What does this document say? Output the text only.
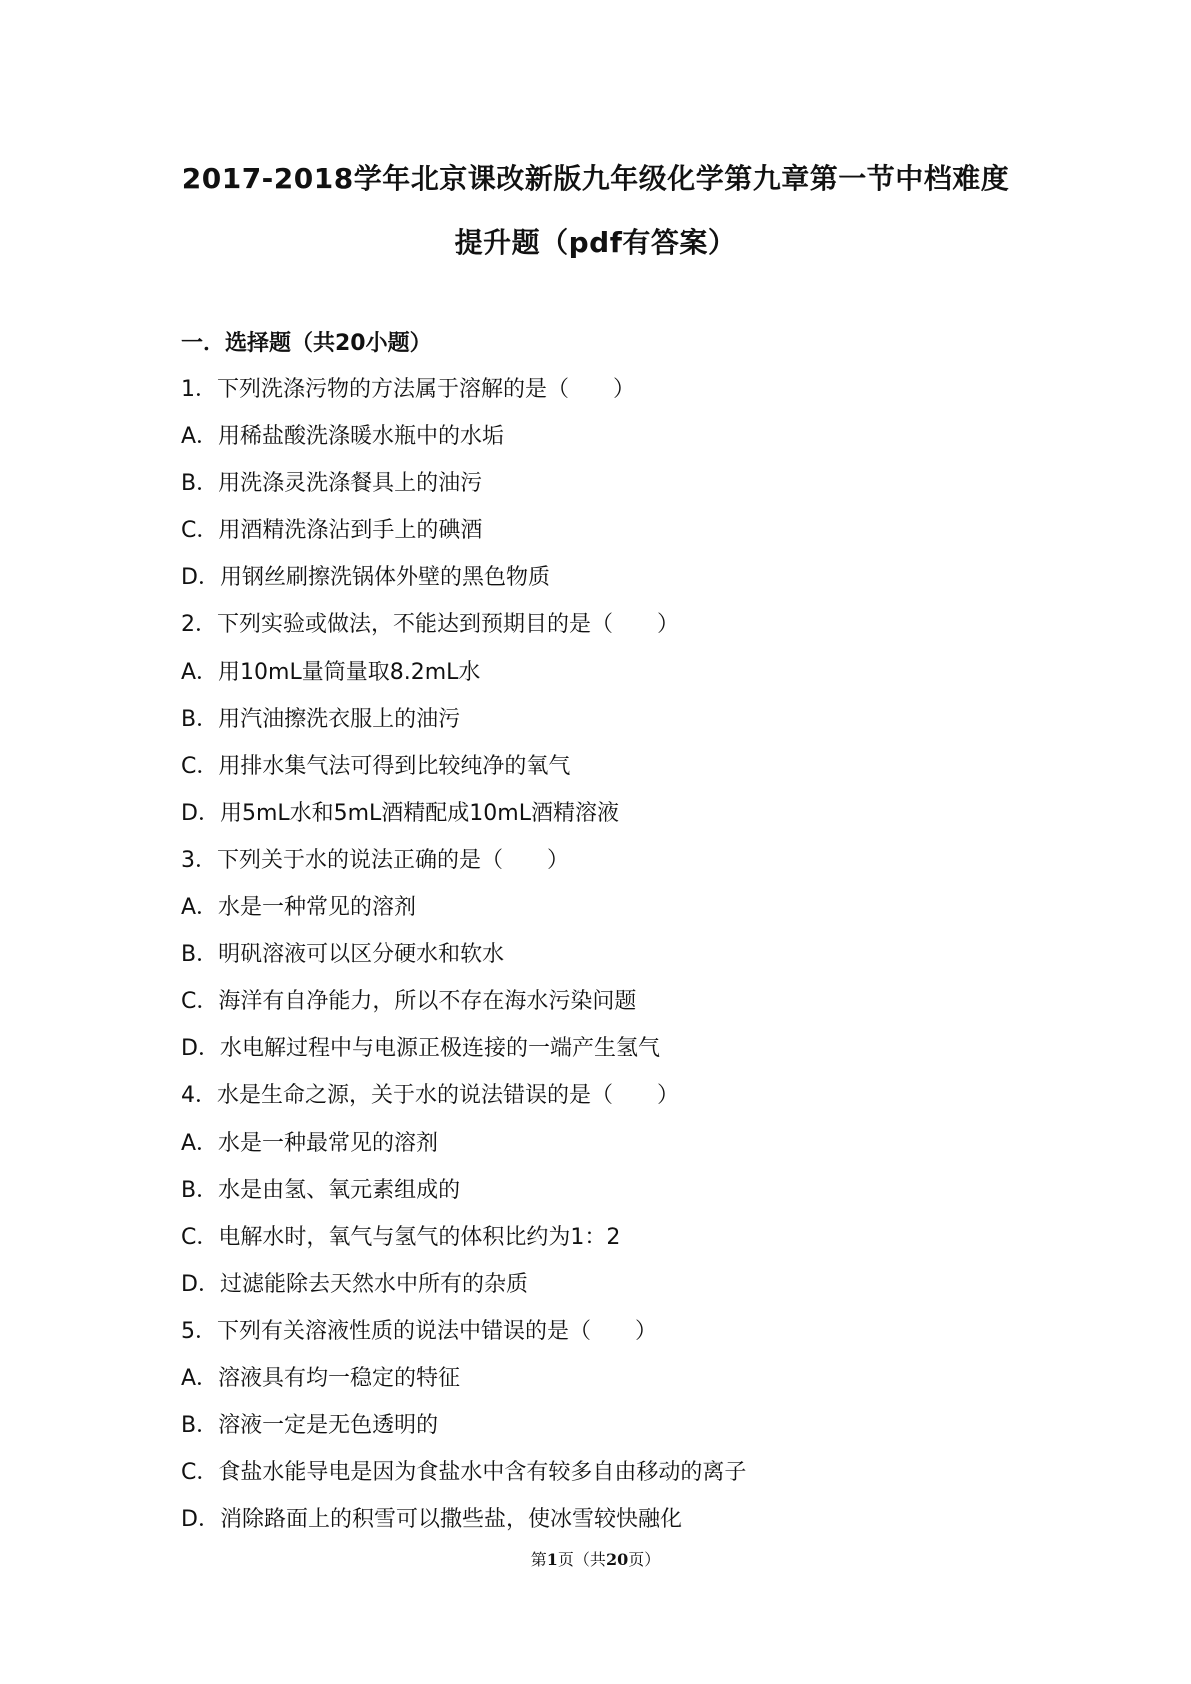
2017-2018学年北京课改新版九年级化学第九章第一节中档难度
提升题（pdf有答案）
一．选择题（共20小题）
1．下列洗涤污物的方法属于溶解的是（　　）
A．用稀盐酸洗涤暖水瓶中的水垢
B．用洗涤灵洗涤餐具上的油污
C．用酒精洗涤沾到手上的碘酒
D．用钢丝刷擦洗锅体外壁的黑色物质
2．下列实验或做法，不能达到预期目的是（　　）
A．用10mL量筒量取8.2mL水
B．用汽油擦洗衣服上的油污
C．用排水集气法可得到比较纯净的氧气
D．用5mL水和5mL酒精配成10mL酒精溶液
3．下列关于水的说法正确的是（　　）
A．水是一种常见的溶剂
B．明矾溶液可以区分硬水和软水
C．海洋有自净能力，所以不存在海水污染问题
D．水电解过程中与电源正极连接的一端产生氢气
4．水是生命之源，关于水的说法错误的是（　　）
A．水是一种最常见的溶剂
B．水是由氢、氧元素组成的
C．电解水时，氧气与氢气的体积比约为1：2
D．过滤能除去天然水中所有的杂质
5．下列有关溶液性质的说法中错误的是（　　）
A．溶液具有均一稳定的特征
B．溶液一定是无色透明的
C．食盐水能导电是因为食盐水中含有较多自由移动的离子
D．消除路面上的积雪可以撒些盐，使冰雪较快融化
第1页（共20页）
